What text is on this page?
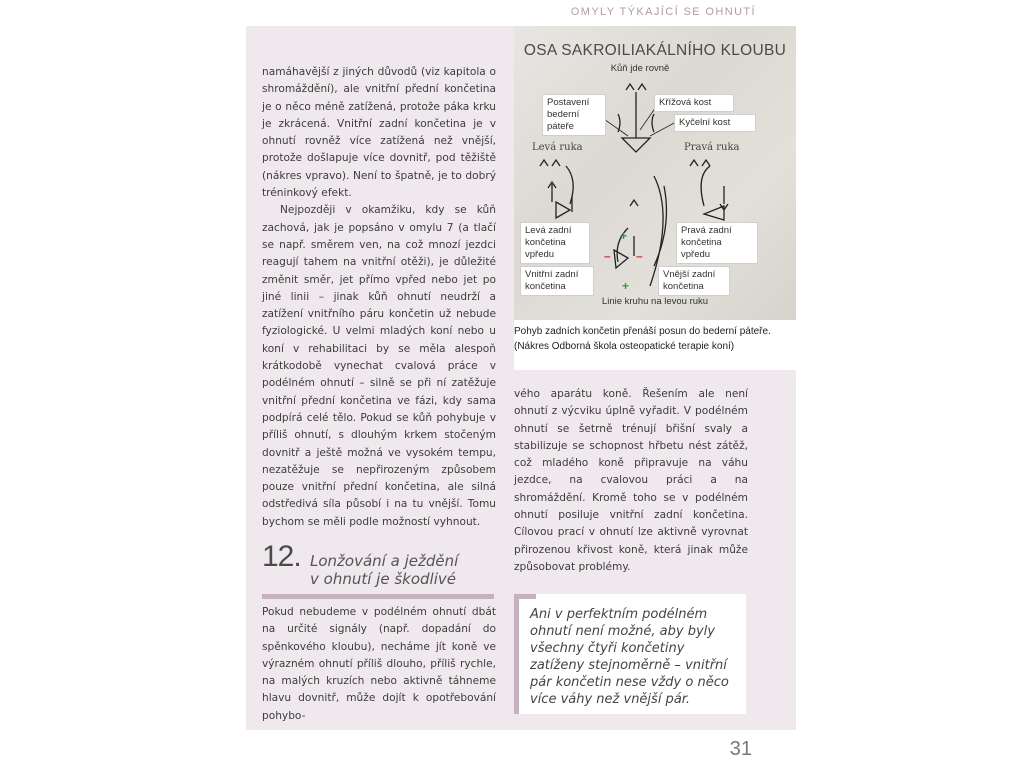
OMYLY TÝKAJÍCÍ SE OHNUTÍ

namáhavější z jiných důvodů (viz kapitola o shromáždění), ale vnitřní přední končetina je o něco méně zatížená, protože páka krku je zkrácená. Vnitřní zadní končetina je v ohnutí rovněž více zatížená než vnější, protože došlapuje více dovnitř, pod těžiště (nákres vpravo). Není to špatně, je to dobrý tréninkový efekt.

Nejpozději v okamžiku, kdy se kůň zachová, jak je popsáno v omylu 7 (a tlačí se např. směrem ven, na což mnozí jezdci reagují tahem na vnitřní otěži), je důležité změnit směr, jet přímo vpřed nebo jet po jiné linii – jinak kůň ohnutí neudrží a zatížení vnitřního páru končetin už nebude fyziologické. U velmi mladých koní nebo u koní v rehabilitaci by se měla alespoň krátkodobě vynechat cvalová práce v podélném ohnutí – silně se při ní zatěžuje vnitřní přední končetina ve fázi, kdy sama podpírá celé tělo. Pokud se kůň pohybuje v příliš ohnutí, s dlouhým krkem stočeným dovnitř a ještě možná ve vysokém tempu, nezatěžuje se nepřirozeným způsobem pouze vnitřní přední končetina, ale silná odstředivá síla působí i na tu vnější. Tomu bychom se měli podle možností vyhnout.

12. Lonžování a ježdění
v ohnutí je škodlivé

Pokud nebudeme v podélném ohnutí dbát na určité signály (např. dopadání do spěnkového kloubu), necháme jít koně ve výrazném ohnutí příliš dlouho, příliš rychle, na malých kruzích nebo aktivně táhneme hlavu dovnitř, může dojít k opotřebování pohybo-

OSA SAKROILIAKÁLNÍHO KLOUBU
Kůň jde rovně
+
– –
+
Postavení bederní páteře
Křížová kost
Kyčelní kost
Levá ruka	Pravá ruka
Levá zadní končetina vpředu
Pravá zadní končetina vpředu
Vnitřní zadní končetina
Vnější zadní končetina
Linie kruhu na levou ruku
Pohyb zadních končetin přenáší posun do bederní páteře. (Nákres Odborná škola osteopatické terapie koní)

vého aparátu koně. Řešením ale není ohnutí z výcviku úplně vyřadit. V podélném ohnutí se šetrně trénují břišní svaly a stabilizuje se schopnost hřbetu nést zátěž, což mladého koně připravuje na váhu jezdce, na cvalovou práci a na shromáždění. Kromě toho se v podélném ohnutí posiluje vnitřní zadní končetina. Cílovou prací v ohnutí lze aktivně vyrovnat přirozenou křivost koně, která jinak může způsobovat problémy.

Ani v perfektním podélném ohnutí není možné, aby byly všechny čtyři končetiny zatíženy stejnoměrně – vnitřní pár končetin nese vždy o něco více váhy než vnější pár.
31
